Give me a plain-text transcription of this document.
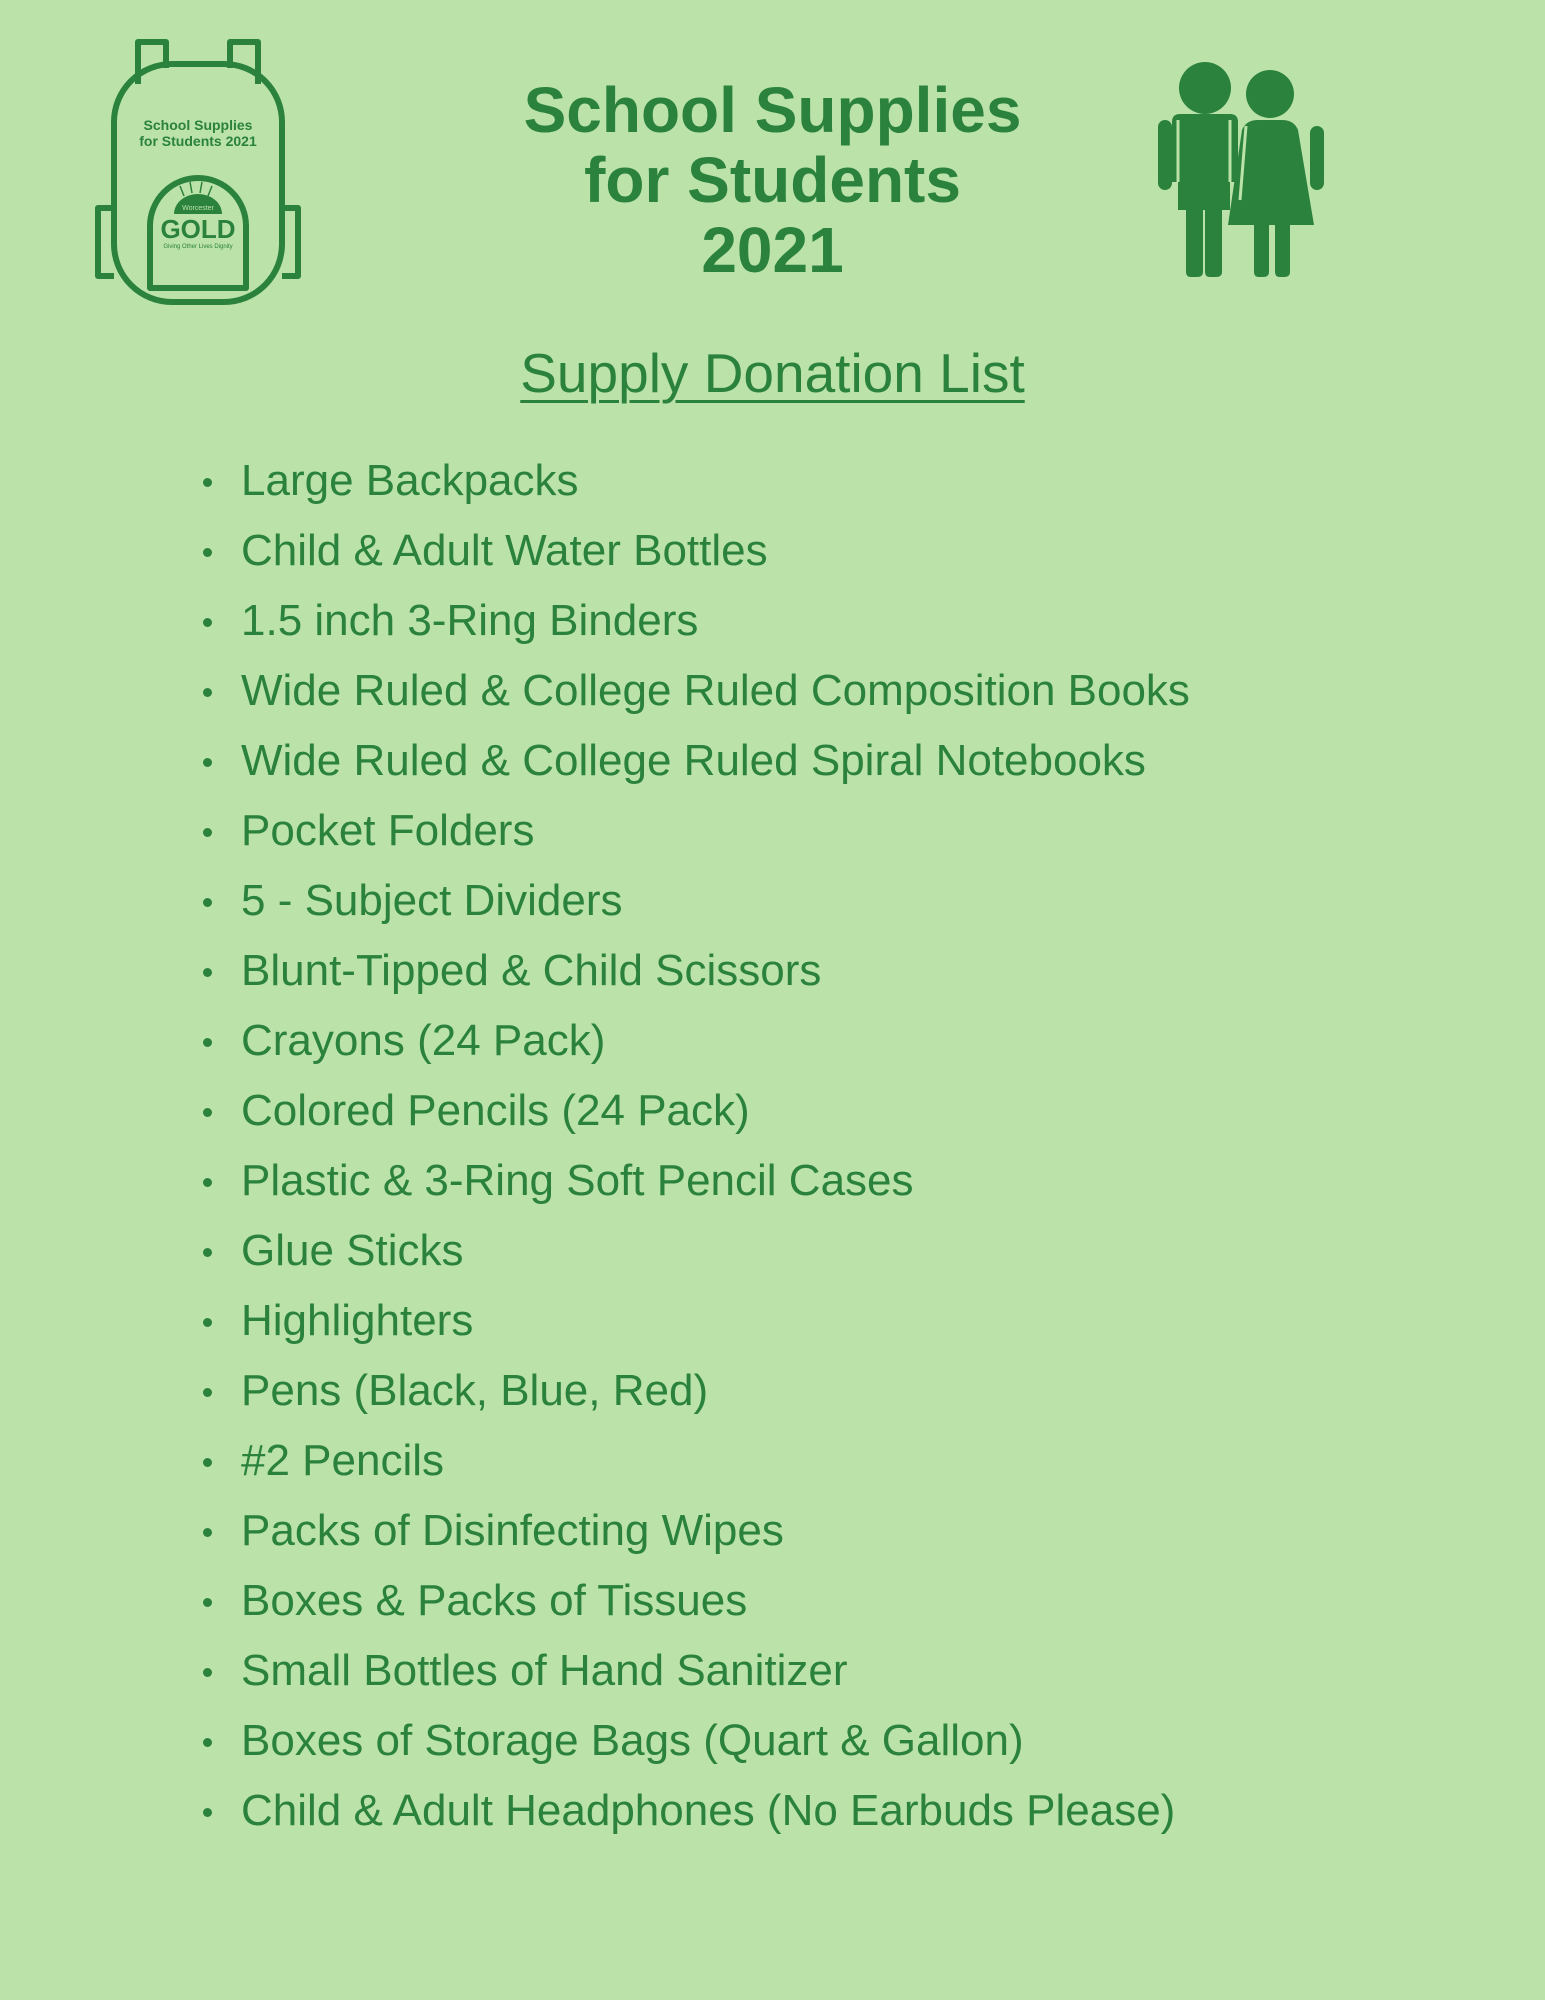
School Supplies
for Students 2021
Worcester
GOLD
Giving Other Lives Dignity
School Supplies
for Students
2021
Supply Donation List
Large Backpacks
Child & Adult Water Bottles
1.5 inch 3-Ring Binders
Wide Ruled & College Ruled Composition Books
Wide Ruled & College Ruled Spiral Notebooks
Pocket Folders
5 - Subject Dividers
Blunt-Tipped & Child Scissors
Crayons (24 Pack)
Colored Pencils (24 Pack)
Plastic & 3-Ring Soft Pencil Cases
Glue Sticks
Highlighters
Pens (Black, Blue, Red)
#2 Pencils
Packs of Disinfecting Wipes
Boxes & Packs of Tissues
Small Bottles of Hand Sanitizer
Boxes of Storage Bags (Quart & Gallon)
Child & Adult Headphones (No Earbuds Please)
